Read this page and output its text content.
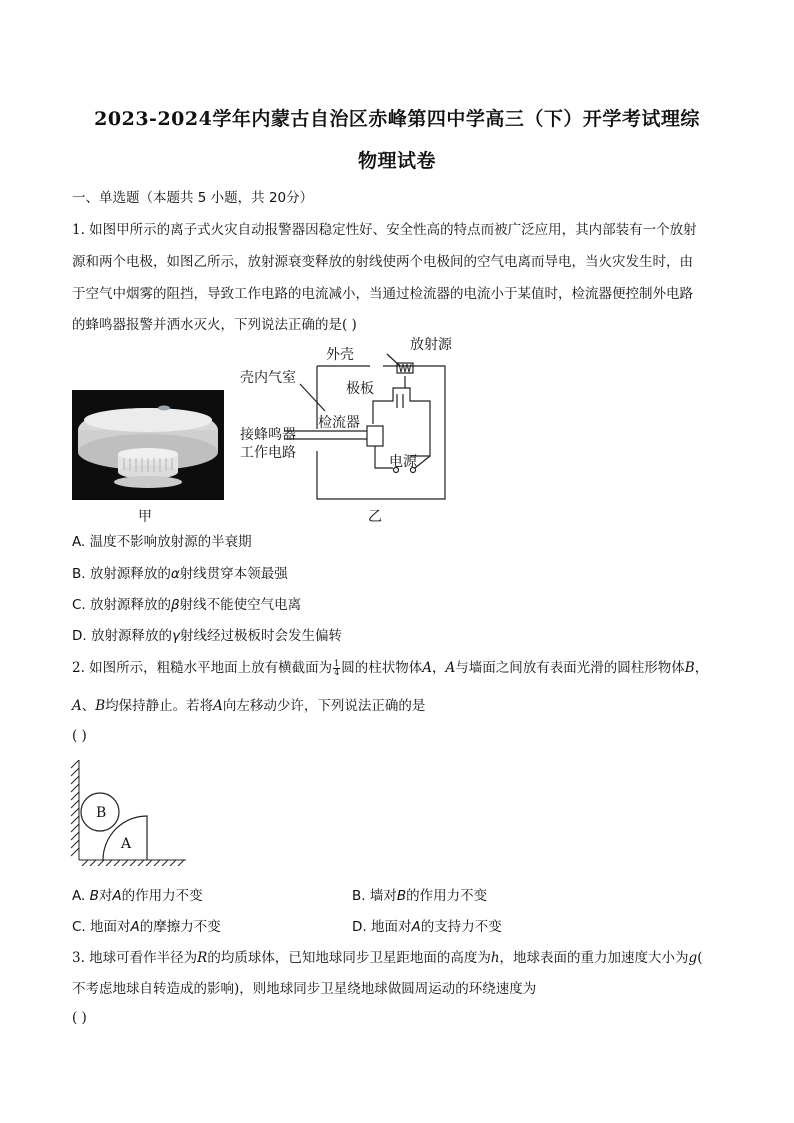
2023-2024学年内蒙古自治区赤峰第四中学高三（下）开学考试理综
物理试卷
一、单选题（本题共 5 小题，共 20分）
1. 如图甲所示的离子式火灾自动报警器因稳定性好、安全性高的特点而被广泛应用，其内部装有一个放射
源和两个电极，如图乙所示，放射源衰变释放的射线使两个电极间的空气电离而导电，当火灾发生时，由
于空气中烟雾的阻挡，导致工作电路的电流减小，当通过检流器的电流小于某值时，检流器便控制外电路
的蜂鸣器报警并洒水灭火，下列说法正确的是( )
甲
外壳
放射源
壳内气室
极板
检流器
接蜂鸣器
工作电路
电源
乙
A. 温度不影响放射源的半衰期
B. 放射源释放的α射线贯穿本领最强
C. 放射源释放的β射线不能使空气电离
D. 放射源释放的γ射线经过极板时会发生偏转
2. 如图所示，粗糙水平地面上放有横截面为 $\frac{1}{4}$ 圆的柱状物体A，A与墙面之间放有表面光滑的圆柱形物体B，
A、B均保持静止。若将A向左移动少许，下列说法正确的是
( )
B
A
A. B对A的作用力不变	B. 墙对B的作用力不变
C. 地面对A的摩擦力不变	D. 地面对A的支持力不变
3. 地球可看作半径为R的均质球体，已知地球同步卫星距地面的高度为h，地球表面的重力加速度大小为g(
不考虑地球自转造成的影响)，则地球同步卫星绕地球做圆周运动的环绕速度为
( )
